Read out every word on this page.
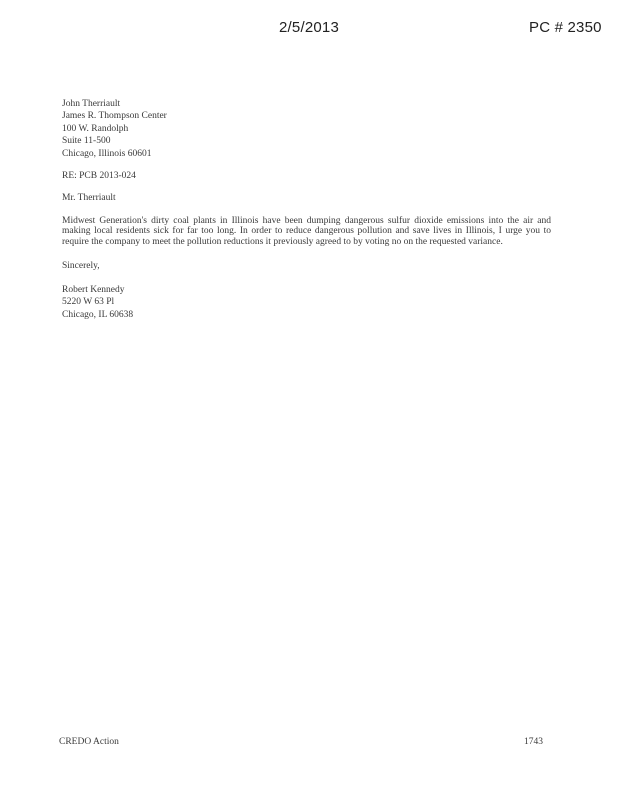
2/5/2013	PC # 2350
John Therriault
James R. Thompson Center
100 W. Randolph
Suite 11-500
Chicago, Illinois 60601
RE: PCB 2013-024
Mr. Therriault
Midwest Generation's dirty coal plants in Illinois have been dumping dangerous sulfur dioxide emissions into the air and making local residents sick for far too long. In order to reduce dangerous pollution and save lives in Illinois, I urge you to require the company to meet the pollution reductions it previously agreed to by voting no on the requested variance.
Sincerely,
Robert Kennedy
5220 W 63 Pl
Chicago, IL 60638
CREDO Action	1743
